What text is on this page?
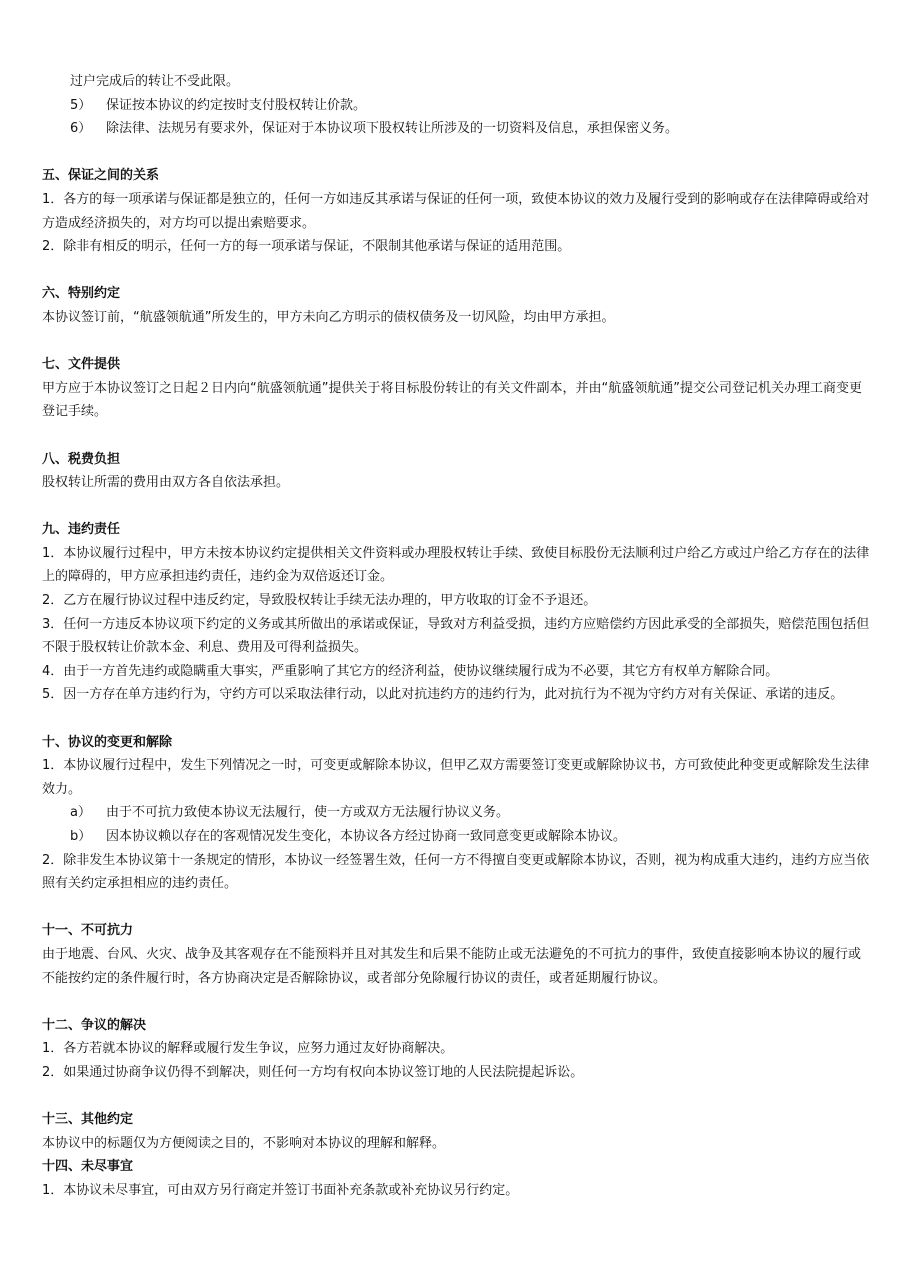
过户完成后的转让不受此限。

5） 保证按本协议的约定按时支付股权转让价款。
6） 除法律、法规另有要求外，保证对于本协议项下股权转让所涉及的一切资料及信息，承担保密义务。

五、保证之间的关系

1．各方的每一项承诺与保证都是独立的，任何一方如违反其承诺与保证的任何一项，致使本协议的效力及履行受到的影响或存在法律障碍或给对方造成经济损失的，对方均可以提出索赔要求。

2．除非有相反的明示，任何一方的每一项承诺与保证，不限制其他承诺与保证的适用范围。

六、特别约定

本协议签订前，“航盛领航通”所发生的，甲方未向乙方明示的债权债务及一切风险，均由甲方承担。

七、文件提供

甲方应于本协议签订之日起２日内向“航盛领航通”提供关于将目标股份转让的有关文件副本，并由“航盛领航通”提交公司登记机关办理工商变更登记手续。

八、税费负担

股权转让所需的费用由双方各自依法承担。

九、违约责任

1．本协议履行过程中，甲方未按本协议约定提供相关文件资料或办理股权转让手续、致使目标股份无法顺利过户给乙方或过户给乙方存在的法律上的障碍的，甲方应承担违约责任，违约金为双倍返还订金。

2．乙方在履行协议过程中违反约定，导致股权转让手续无法办理的，甲方收取的订金不予退还。

3．任何一方违反本协议项下约定的义务或其所做出的承诺或保证，导致对方利益受损，违约方应赔偿约方因此承受的全部损失，赔偿范围包括但不限于股权转让价款本金、利息、费用及可得利益损失。

4．由于一方首先违约或隐瞒重大事实，严重影响了其它方的经济利益，使协议继续履行成为不必要，其它方有权单方解除合同。

5．因一方存在单方违约行为，守约方可以采取法律行动，以此对抗违约方的违约行为，此对抗行为不视为守约方对有关保证、承诺的违反。

十、协议的变更和解除

1．本协议履行过程中，发生下列情况之一时，可变更或解除本协议，但甲乙双方需要签订变更或解除协议书，方可致使此种变更或解除发生法律效力。

a） 由于不可抗力致使本协议无法履行，使一方或双方无法履行协议义务。
b） 因本协议赖以存在的客观情况发生变化，本协议各方经过协商一致同意变更或解除本协议。

2．除非发生本协议第十一条规定的情形，本协议一经签署生效，任何一方不得擅自变更或解除本协议，否则，视为构成重大违约，违约方应当依照有关约定承担相应的违约责任。

十一、不可抗力

由于地震、台风、火灾、战争及其客观存在不能预料并且对其发生和后果不能防止或无法避免的不可抗力的事件，致使直接影响本协议的履行或不能按约定的条件履行时，各方协商决定是否解除协议，或者部分免除履行协议的责任，或者延期履行协议。

十二、争议的解决

1．各方若就本协议的解释或履行发生争议，应努力通过友好协商解决。

2．如果通过协商争议仍得不到解决，则任何一方均有权向本协议签订地的人民法院提起诉讼。

十三、其他约定

本协议中的标题仅为方便阅读之目的，不影响对本协议的理解和解释。

十四、未尽事宜

1．本协议未尽事宜，可由双方另行商定并签订书面补充条款或补充协议另行约定。
